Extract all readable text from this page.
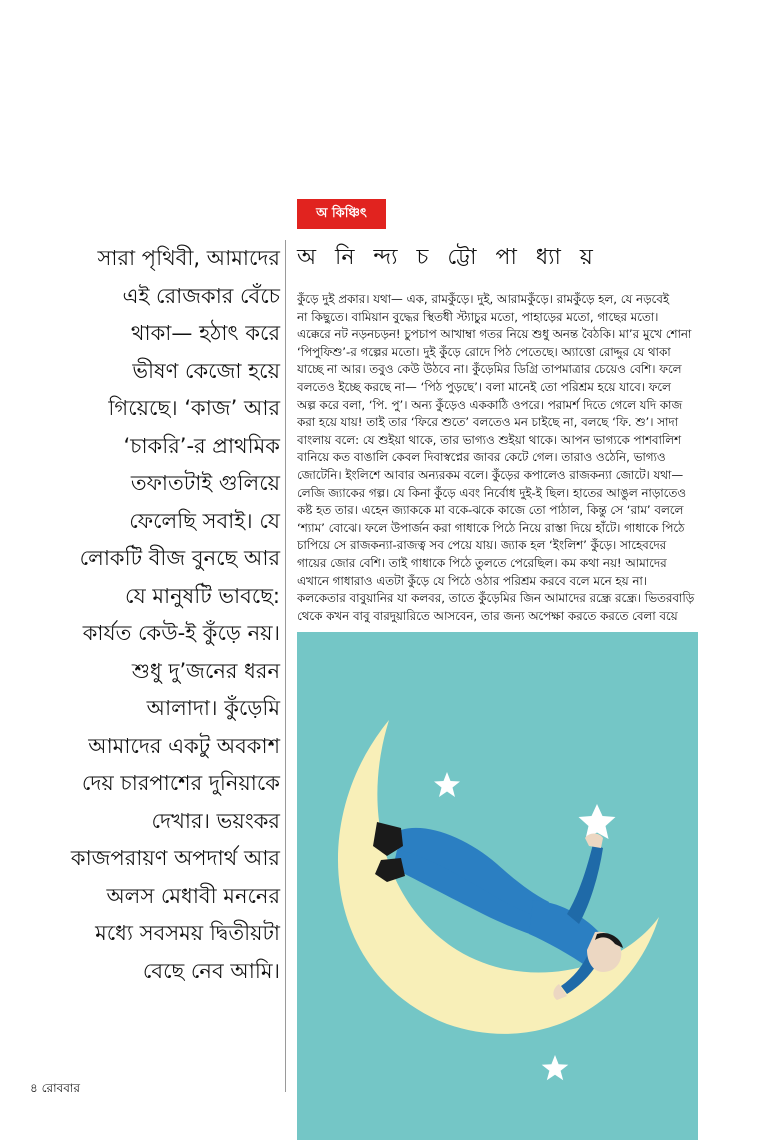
অ কিঞ্চিৎ
অ নি ন্দ্য চ ট্টো পা ধ্যা য়
সারা পৃথিবী, আমাদের
এই রোজকার বেঁচে
থাকা— হঠাৎ করে
ভীষণ কেজো হয়ে
গিয়েছে। ‘কাজ’ আর
‘চাকরি’-র প্রাথমিক
তফাতটাই গুলিয়ে
ফেলেছি সবাই। যে
লোকটি বীজ বুনছে আর
যে মানুষটি ভাবছে:
কার্যত কেউ-ই কুঁড়ে নয়।
শুধু দু’জনের ধরন
আলাদা। কুঁড়েমি
আমাদের একটু অবকাশ
দেয় চারপাশের দুনিয়াকে
দেখার। ভয়ংকর
কাজপরায়ণ অপদার্থ আর
অলস মেধাবী মননের
মধ্যে সবসময় দ্বিতীয়টা
বেছে নেব আমি।
কুঁড়ে দুই প্রকার। যথা— এক, রামকুঁড়ে। দুই, আরামকুঁড়ে। রামকুঁড়ে হল, যে নড়বেই
না কিছুতে। বামিয়ান বুদ্ধের স্থিতধী স্ট্যাচুর মতো, পাহাড়ের মতো, গাছের মতো।
এক্কেরে নট নড়নচড়ন! চুপচাপ আখাম্বা গতর নিয়ে শুধু অনন্ত বৈঠকি। মা’র মুখে শোনা
‘পিপুফিশু’-র গল্পের মতো। দুই কুঁড়ে রোদে পিঠ পেতেছে। অ্যাত্তো রোদ্দুর যে থাকা
যাচ্ছে না আর। তবুও কেউ উঠবে না। কুঁড়েমির ডিগ্রি তাপমাত্রার চেয়েও বেশি। ফলে
বলতেও ইচ্ছে করছে না— ‘পিঠ পুড়ছে’। বলা মানেই তো পরিশ্রম হয়ে যাবে। ফলে
অল্প করে বলা, ‘পি. পু’। অন্য কুঁড়েও এককাঠি ওপরে। পরামর্শ দিতে গেলে যদি কাজ
করা হয়ে যায়! তাই তার ‘ফিরে শুতে’ বলতেও মন চাইছে না, বলছে ‘ফি. শু’। সাদা
বাংলায় বলে: যে শুইয়া থাকে, তার ভাগ্যও শুইয়া থাকে। আপন ভাগ্যকে পাশবালিশ
বানিয়ে কত বাঙালি কেবল দিবাস্বপ্নের জাবর কেটে গেল। তারাও ওঠেনি, ভাগ্যও
জোটেনি। ইংলিশে আবার অন্যরকম বলে। কুঁড়ের কপালেও রাজকন্যা জোটে। যথা—
লেজি জ্যাকের গল্প। যে কিনা কুঁড়ে এবং নির্বোধ দুই-ই ছিল। হাতের আঙুল নাড়াতেও
কষ্ট হত তার। এহেন জ্যাককে মা বকে-ঝকে কাজে তো পাঠাল, কিন্তু সে ‘রাম’ বললে
‘শ্যাম’ বোঝে। ফলে উপার্জন করা গাধাকে পিঠে নিয়ে রাস্তা দিয়ে হাঁটে। গাধাকে পিঠে
চাপিয়ে সে রাজকন্যা-রাজত্ব সব পেয়ে যায়। জ্যাক হল ‘ইংলিশ’ কুঁড়ে। সাহেবদের
গায়ের জোর বেশি। তাই গাধাকে পিঠে তুলতে পেরেছিল। কম কথা নয়! আমাদের
এখানে গাধারাও এতটা কুঁড়ে যে পিঠে ওঠার পরিশ্রম করবে বলে মনে হয় না।
কলকেতার বাবুয়ানির যা কলবর, তাতে কুঁড়েমির জিন আমাদের রন্ধ্রে রন্ধ্রে। ভিতরবাড়ি
থেকে কখন বাবু বারদুয়ারিতে আসবেন, তার জন্য অপেক্ষা করতে করতে বেলা বয়ে
৪ রোববার
